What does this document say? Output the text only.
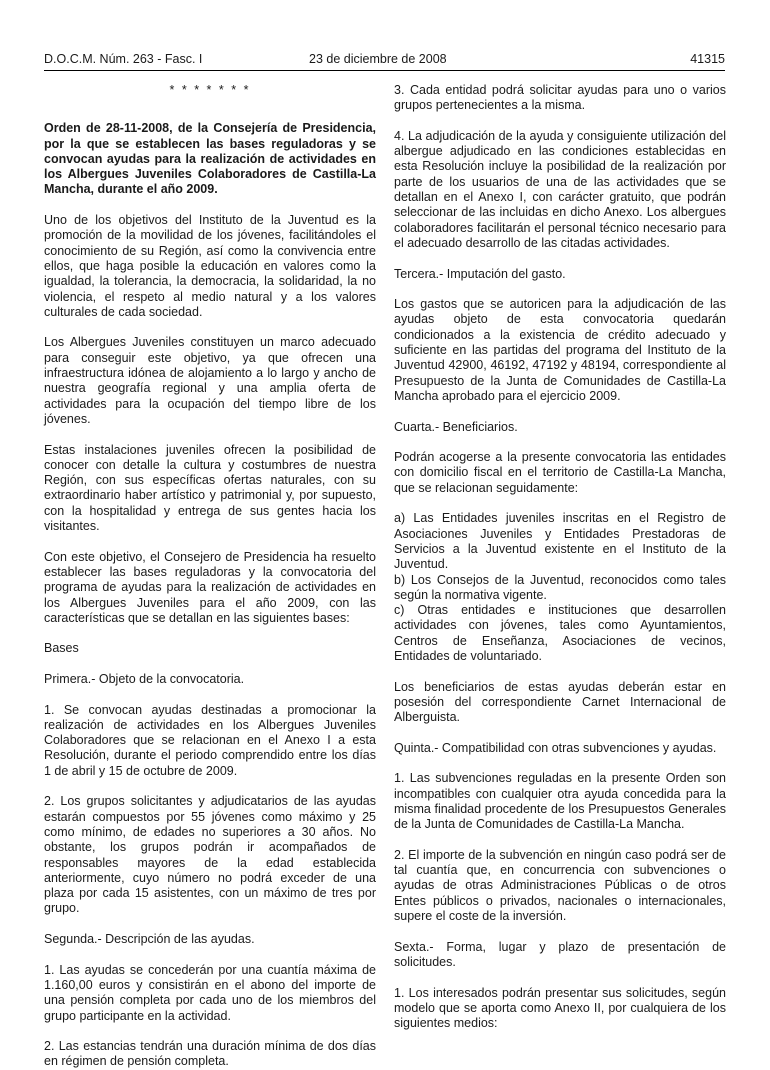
D.O.C.M. Núm. 263 - Fasc. I	23 de diciembre de 2008	41315

* * * * * * *

Orden de 28-11-2008, de la Consejería de Presidencia, por la que se establecen las bases reguladoras y se convocan ayudas para la realización de actividades en los Albergues Juveniles Colaboradores de Castilla-La Mancha, durante el año 2009.

Uno de los objetivos del Instituto de la Juventud es la promoción de la movilidad de los jóvenes, facilitándoles el conocimiento de su Región, así como la convivencia entre ellos, que haga posible la educación en valores como la igualdad, la tolerancia, la democracia, la solidaridad, la no violencia, el respeto al medio natural y a los valores culturales de cada sociedad.

Los Albergues Juveniles constituyen un marco adecuado para conseguir este objetivo, ya que ofrecen una infraestructura idónea de alojamiento a lo largo y ancho de nuestra geografía regional y una amplia oferta de actividades para la ocupación del tiempo libre de los jóvenes.

Estas instalaciones juveniles ofrecen la posibilidad de conocer con detalle la cultura y costumbres de nuestra Región, con sus específicas ofertas naturales, con su extraordinario haber artístico y patrimonial y, por supuesto, con la hospitalidad y entrega de sus gentes hacia los visitantes.

Con este objetivo, el Consejero de Presidencia ha resuelto establecer las bases reguladoras y la convocatoria del programa de ayudas para la realización de actividades en los Albergues Juveniles para el año 2009, con las características que se detallan en las siguientes bases:

Bases

Primera.- Objeto de la convocatoria.

1. Se convocan ayudas destinadas a promocionar la realización de actividades en los Albergues Juveniles Colaboradores que se relacionan en el Anexo I a esta Resolución, durante el periodo comprendido entre los días 1 de abril y 15 de octubre de 2009.

2. Los grupos solicitantes y adjudicatarios de las ayudas estarán compuestos por 55 jóvenes como máximo y 25 como mínimo, de edades no superiores a 30 años. No obstante, los grupos podrán ir acompañados de responsables mayores de la edad establecida anteriormente, cuyo número no podrá exceder de una plaza por cada 15 asistentes, con un máximo de tres por grupo.

Segunda.- Descripción de las ayudas.

1. Las ayudas se concederán por una cuantía máxima de 1.160,00 euros y consistirán en el abono del importe de una pensión completa por cada uno de los miembros del grupo participante en la actividad.

2. Las estancias tendrán una duración mínima de dos días en régimen de pensión completa.

3. Cada entidad podrá solicitar ayudas para uno o varios grupos pertenecientes a la misma.

4. La adjudicación de la ayuda y consiguiente utilización del albergue adjudicado en las condiciones establecidas en esta Resolución incluye la posibilidad de la realización por parte de los usuarios de una de las actividades que se detallan en el Anexo I, con carácter gratuito, que podrán seleccionar de las incluidas en dicho Anexo. Los albergues colaboradores facilitarán el personal técnico necesario para el adecuado desarrollo de las citadas actividades.

Tercera.- Imputación del gasto.

Los gastos que se autoricen para la adjudicación de las ayudas objeto de esta convocatoria quedarán condicionados a la existencia de crédito adecuado y suficiente en las partidas del programa del Instituto de la Juventud 42900, 46192, 47192 y 48194, correspondiente al Presupuesto de la Junta de Comunidades de Castilla-La Mancha aprobado para el ejercicio 2009.

Cuarta.- Beneficiarios.

Podrán acogerse a la presente convocatoria las entidades con domicilio fiscal en el territorio de Castilla-La Mancha, que se relacionan seguidamente:

a) Las Entidades juveniles inscritas en el Registro de Asociaciones Juveniles y Entidades Prestadoras de Servicios a la Juventud existente en el Instituto de la Juventud.

b) Los Consejos de la Juventud, reconocidos como tales según la normativa vigente.

c) Otras entidades e instituciones que desarrollen actividades con jóvenes, tales como Ayuntamientos, Centros de Enseñanza, Asociaciones de vecinos, Entidades de voluntariado.

Los beneficiarios de estas ayudas deberán estar en posesión del correspondiente Carnet Internacional de Alberguista.

Quinta.- Compatibilidad con otras subvenciones y ayudas.

1. Las subvenciones reguladas en la presente Orden son incompatibles con cualquier otra ayuda concedida para la misma finalidad procedente de los Presupuestos Generales de la Junta de Comunidades de Castilla-La Mancha.

2. El importe de la subvención en ningún caso podrá ser de tal cuantía que, en concurrencia con subvenciones o ayudas de otras Administraciones Públicas o de otros Entes públicos o privados, nacionales o internacionales, supere el coste de la inversión.

Sexta.- Forma, lugar y plazo de presentación de solicitudes.

1. Los interesados podrán presentar sus solicitudes, según modelo que se aporta como Anexo II, por cualquiera de los siguientes medios:
